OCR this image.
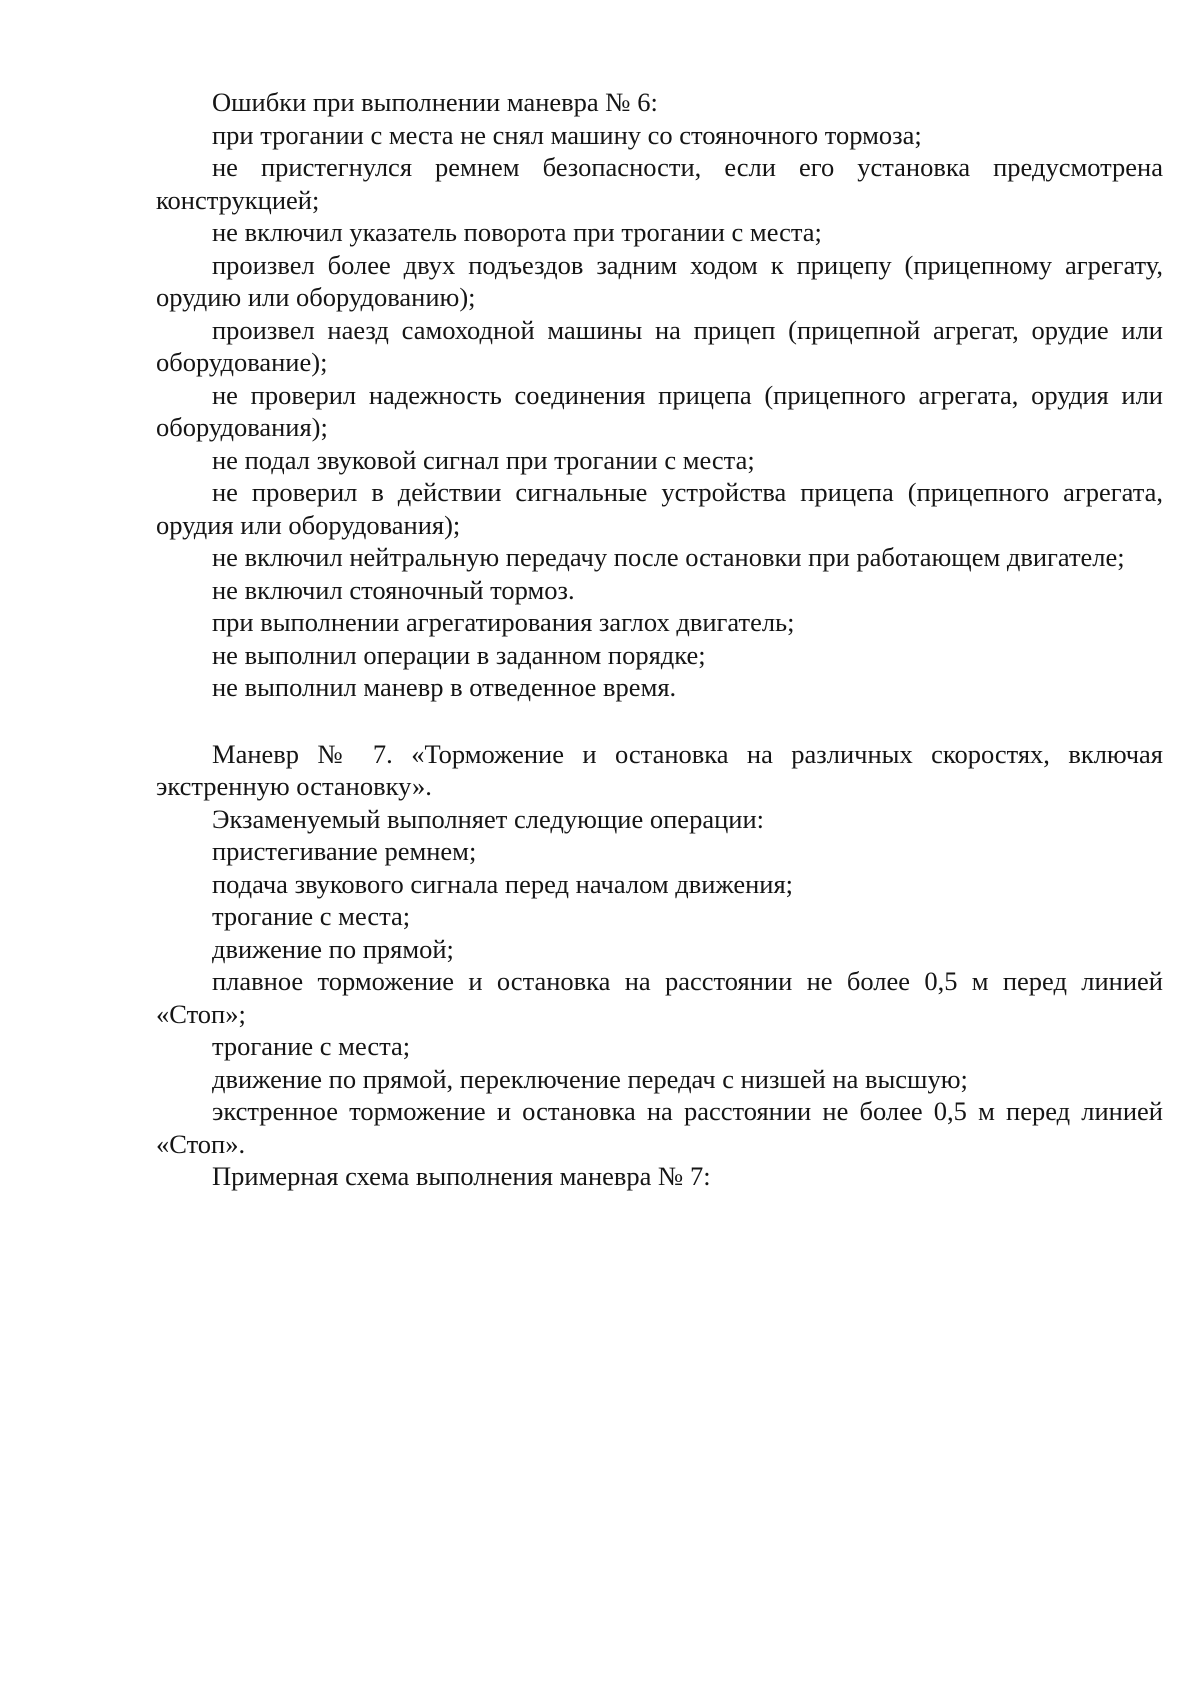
Ошибки при выполнении маневра № 6:

при трогании с места не снял машину со стояночного тормоза;

не пристегнулся ремнем безопасности, если его установка предусмотрена конструкцией;

не включил указатель поворота при трогании с места;

произвел более двух подъездов задним ходом к прицепу (прицепному агрегату, орудию или оборудованию);

произвел наезд самоходной машины на прицеп (прицепной агрегат, орудие или оборудование);

не проверил надежность соединения прицепа (прицепного агрегата, орудия или оборудования);

не подал звуковой сигнал при трогании с места;

не проверил в действии сигнальные устройства прицепа (прицепного агрегата, орудия или оборудования);

не включил нейтральную передачу после остановки при работающем двигателе;

не включил стояночный тормоз.

при выполнении агрегатирования заглох двигатель;

не выполнил операции в заданном порядке;

не выполнил маневр в отведенное время.

Маневр № 7. «Торможение и остановка на различных скоростях, включая экстренную остановку».

Экзаменуемый выполняет следующие операции:

пристегивание ремнем;

подача звукового сигнала перед началом движения;

трогание с места;

движение по прямой;

плавное торможение и остановка на расстоянии не более 0,5 м перед линией «Стоп»;

трогание с места;

движение по прямой, переключение передач с низшей на высшую;

экстренное торможение и остановка на расстоянии не более 0,5 м перед линией «Стоп».

Примерная схема выполнения маневра № 7:
